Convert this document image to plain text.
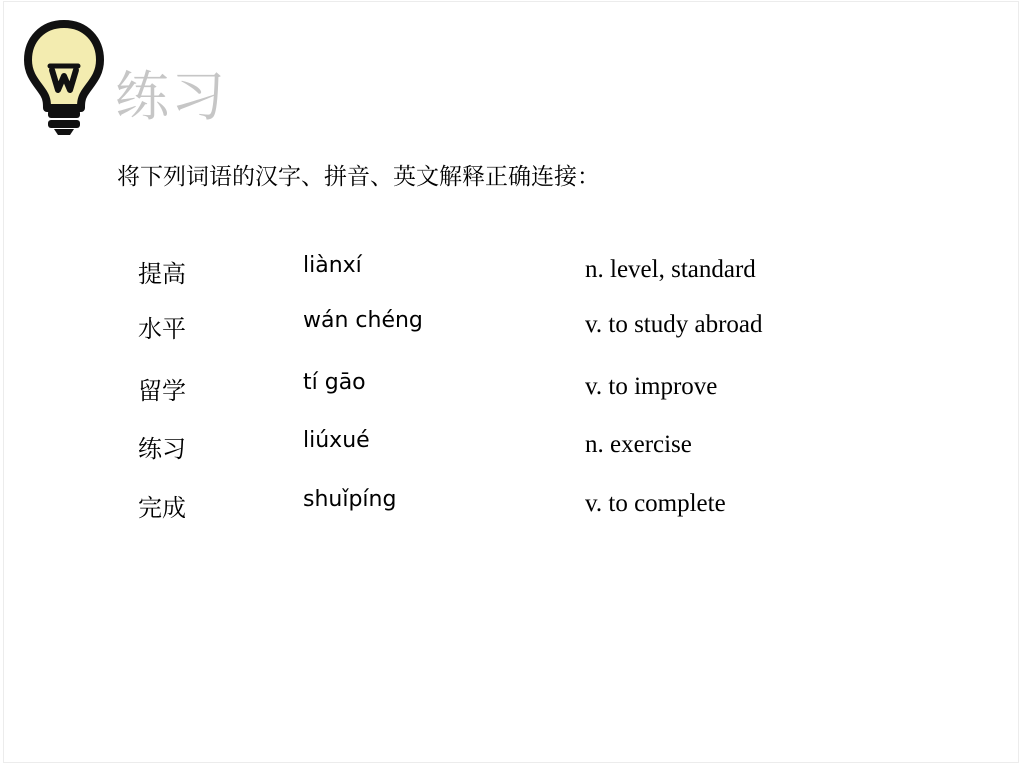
练习
将下列词语的汉字、拼音、英文解释正确连接：
提高	liànxí	n. level, standard
水平	wán chéng	v. to study abroad
留学	tí gāo	v. to improve
练习	liúxué	n. exercise
完成	shuǐpíng	v. to complete
